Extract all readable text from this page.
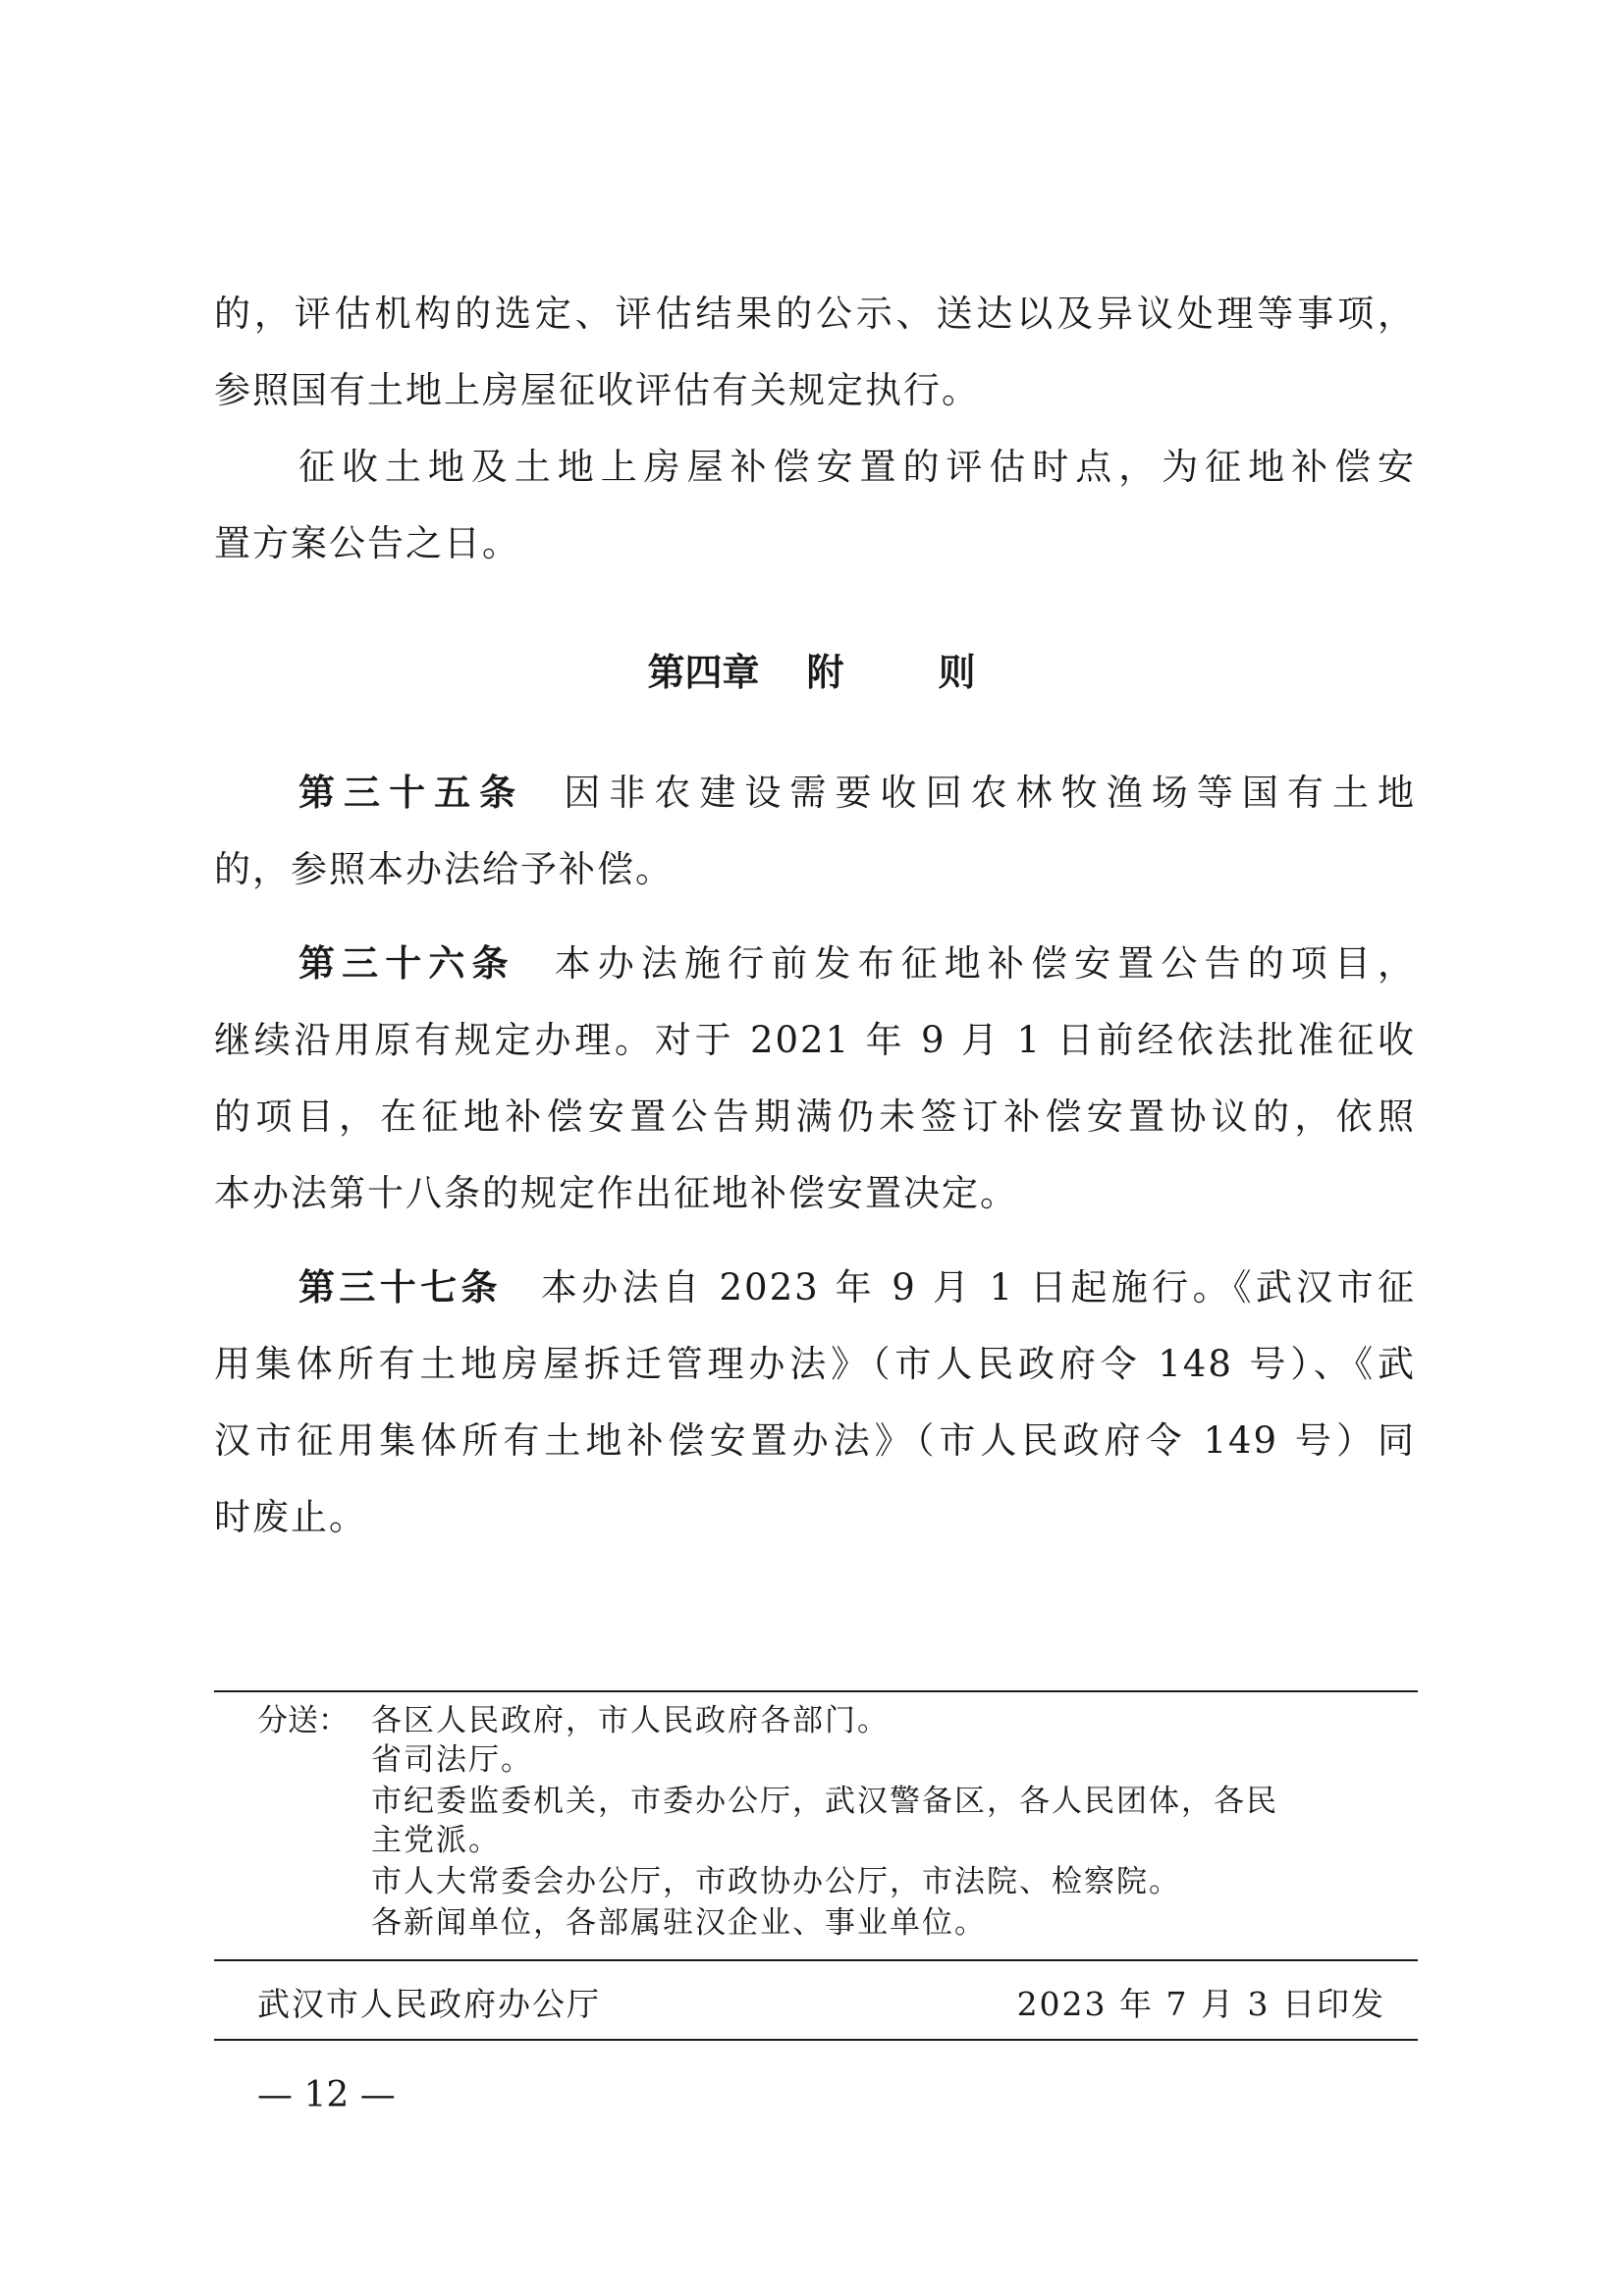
的，评估机构的选定、评估结果的公示、送达以及异议处理等事项，
参照国有土地上房屋征收评估有关规定执行。
征收土地及土地上房屋补偿安置的评估时点，为征地补偿安
置方案公告之日。
第四章 附	则
第三十五条 因非农建设需要收回农林牧渔场等国有土地
的，参照本办法给予补偿。
第三十六条 本办法施行前发布征地补偿安置公告的项目，
继续沿用原有规定办理。对于 2021 年 9 月 1 日前经依法批准征收
的项目，在征地补偿安置公告期满仍未签订补偿安置协议的，依照
本办法第十八条的规定作出征地补偿安置决定。
第三十七条 本办法自 2023 年 9 月 1 日起施行。《武汉市征
用集体所有土地房屋拆迁管理办法》（市人民政府令 148 号）、《武
汉市征用集体所有土地补偿安置办法》（市人民政府令 149 号）同
时废止。
分送： 各区人民政府，市人民政府各部门。
省司法厅。
市纪委监委机关，市委办公厅，武汉警备区，各人民团体，各民
主党派。
市人大常委会办公厅，市政协办公厅，市法院、检察院。
各新闻单位，各部属驻汉企业、事业单位。
武汉市人民政府办公厅	2023 年 7 月 3 日印发
— 12 —
